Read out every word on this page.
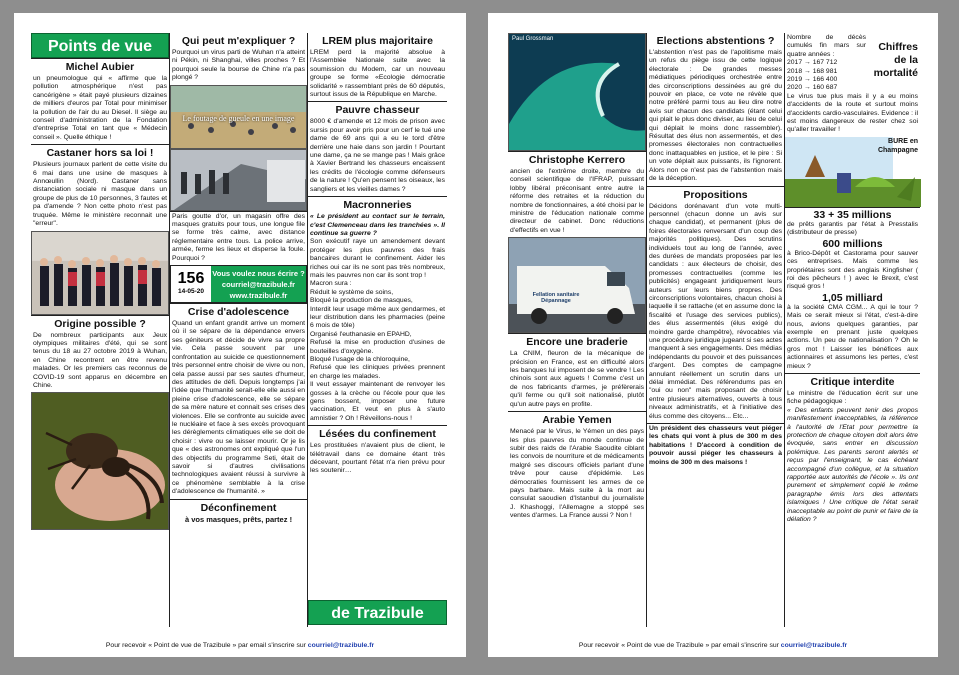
Points de vue
Michel Aubier

un pneumologue qui « affirme que la pollution atmosphérique n'est pas cancérigène » était payé plusieurs dizaines de milliers d'euros par Total pour minimiser la pollution de l'air du au Diesel. Il siège au conseil d'administration de la Fondation d'entreprise Total en tant que « Médecin conseil ». Quelle éthique !

Castaner hors sa loi !

Plusieurs journaux parlent de cette visite du 6 mai dans une usine de masques à Annœullin (Nord). Castaner sans distanciation sociale ni masque dans un groupe de plus de 10 personnes, 3 fautes et pa d'amende ? Non cette photo n'est pas truquée. Même le ministère reconnait une "erreur".

Origine possible ?

De nombreux participants aux Jeux olympiques militaires d'été, qui se sont tenus du 18 au 27 octobre 2019 à Wuhan, en Chine recontrent en être revenu malades. Or les premiers cas reconnus de COVID-19 sont apparus en décembre en Chine.

Qui peut m'expliquer ?

Pourquoi un virus parti de Wuhan n'a atteint ni Pékin, ni Shanghai, villes proches ? Et pourquoi seule la bourse de Chine n'a pas plongé ?

Le foutage de gueule en une image

Paris goutte d'or, un magasin offre des masques gratuits pour tous, une longue file se forme très calme, avec distance réglementaire entre tous. La police arrive, armée, ferme les lieux et disperse la foule. Pourquoi ?

156
14-05-20
Vous voulez nous écrire ?
courriel@trazibule.fr
www.trazibule.fr
Crise d'adolescence

Quand un enfant grandit arrive un moment où il se sépare de la dépendance envers ses géniteurs et décide de vivre sa propre vie. Cela passe souvent par une confrontation au suicide ce questionnement très personnel entre choisir de vivre ou non, cela passe aussi par ses sautes d'humeur, des attitudes de défi. Depuis longtemps j'ai l'idée que l'humanité serait-elle elle aussi en pleine crise d'adolescence, elle se sépare de sa mère nature et connait ses crises des violences. Elle se confronte au suicide avec le nucléaire et face à ses excès provoquant les dérèglements climatiques elle se doit de choisir : vivre ou se laisser mourir. Or je lis que « des astronomes ont expliqué que l'un des objectifs du programme Seti, était de savoir si d'autres civilisations technologiques avaient réussi à survivre à ce phénomène semblable à la crise d'adolescence de l'humanité. »

Déconfinement

à vos masques, prêts, partez !

LREM plus majoritaire

LREM perd la majorité absolue à l'Assemblée Nationale suite avec la soumission du Modem, car un nouveau groupe se forme «Ecologie démocratie solidarité » rassemblant près de 60 députés, surtout issus de la République en Marche.

Pauvre chasseur

8000 € d'amende et 12 mois de prison avec sursis pour avoir pris pour un cerf le tué une dame de 69 ans qui a eu le tord d'être derrière une haie dans son jardin ! Pourtant une dame, ça ne se mange pas ! Mais grâce à Xavier Bertrand les chasseurs encaissent les crédits de l'écologie comme défenseurs de la nature ! Qu'en pensent les oiseaux, les sangliers et les vieilles dames ?

Macronneries

« Le président au contact sur le terrain, c'est Clemenceau dans les tranchées ». Il continue sa guerre ?

Son exécutif raye un amendement devant protéger les plus pauvres des frais bancaires durant le confinement. Aider les riches oui car ils ne sont pas très nombreux, mais les pauvres non car ils sont trop !

Macron sura :

Réduit le système de soins,
Bloqué la production de masques,
Interdit leur usage même aux gendarmes, et leur distribution dans les pharmacies (peine 6 mois de tôle)
Organisé l'euthanasie en EPAHD,
Refusé la mise en production d'usines de bouteilles d'oxygène.
Bloqué l'usage de la chloroquine,
Refusé que les cliniques privées prennent en charge les malades.

Il veut essayer maintenant de renvoyer les gosses à la crèche ou l'école pour que les gens bossent, imposer une future vaccination, Et veut en plus à s'auto amnistier ? Oh ! Réveillons-nous !

Lésées du confinement

Les prostituées n'avaient plus de client, le télétravail dans ce domaine étant très décevant, pourtant l'état n'a rien prévu pour les soutenir…

de Trazibule
Pour recevoir « Point de vue de Trazibule » par email s'inscrire sur courriel@trazibule.fr
Paul Grossman
Christophe Kerrero

ancien de l'extrême droite, membre du conseil scientifique de l'IFRAP, puissant lobby libéral préconisant entre autre la réforme des retraites et la réduction du nombre de fonctionnaires, a été choisi par le ministre de l'éducation nationale comme directeur de cabinet. Donc réductions d'effectifs en vue !

Fellation sanitaire Dépannage
Encore une braderie

La CNIM, fleuron de la mécanique de précision en France, est en difficulté alors les banques lui imposent de se vendre ! Les chinois sont aux aguets ! Comme c'est un de nos fabricants d'armes, je préfèrerais qu'il ferme ou qu'il soit nationalisé, plutôt qu'un autre pays en profite.

Arabie Yemen

Menacé par le Virus, le Yémen un des pays les plus pauvres du monde continue de subir des raids de l'Arabie Saoudite ciblant les convois de nourriture et de médicaments malgré ses discours officiels parlant d'une trêve pour cause d'épidémie. Les démocraties fournissent les armes de ce pays barbare. Mais suite à la mort au consulat saoudien d'Istanbul du journaliste J. Khashoggi, l'Allemagne a stoppé ses ventes d'armes. La France aussi ? Non !

Elections abstentions ?

L'abstention n'est pas de l'apolitisme mais un refus du piège issu de cette logique électorale : De grandes messes médiatiques périodiques orchestrée entre des circonscriptions dessinées au gré du pouvoir en place, ce vote ne révèle que notre préféré parmi tous au lieu dire notre avis sur chacun des candidats (étant celui qui plait le plus donc diviser, au lieu de celui qui déplait le moins donc rassembler). Résultat des élus non assermentés, et des promesses électorales non contractuelles donc inattaquables en justice, et le pire : Si un vote déplait aux puissants, ils l'ignorent. Alors non ce n'est pas de l'abstention mais de la déception.

Propositions

Décidons dorénavant d'un vote multi-personnel (chacun donne un avis sur chaque candidat), et permanent (plus de foires électorales renversant d'un coup des majorités politiques). Des scrutins individuels tout au long de l'année, avec des durées de mandats proposées par les candidats : aux électeurs de choisir, des promesses contractuelles (comme les publicités) engageant juridiquement leurs auteurs sur leurs biens propres. Des circonscriptions volontaires, chacun choisi à laquelle il se rattache (et en assume donc la fiscalité et l'usage des services publics), des élus assermentés (élus exigé du moindre garde champêtre), révocables via une procédure juridique jugeant si ses actes manquent à ses engagements. Des médias indépendants du pouvoir et des puissances d'argent. Des comptes de campagne annulant réellement un scrutin dans un délai immédiat. Des référendums pas en "oui ou non" mais proposant de choisir entre plusieurs alternatives, ouverts à tous niveaux administratifs, et à l'initiative des élus comme des citoyens... Etc...

Un président des chasseurs veut piéger les chats qui vont à plus de 300 m des habitations ! D'accord à condition de pouvoir aussi piéger les chasseurs à moins de 300 m des maisons !

Nombre de décès cumulés fin mars sur quatre années :

2017 → 167 712

2018 → 168 981

2019 → 166 400

2020 → 160 687

Chiffres de la mortalité

Le virus tue plus mais il y a eu moins d'accidents de la route et surtout moins d'accidents cardio-vasculaires. Evidence : il est moins dangereux de rester chez soi qu'aller travailler !

BURE en Champagne

33 + 35 millions

de prêts garantis par l'état à Presstalis (distributeur de presse)

600 millions

à Brico-Dépôt et Castorama pour sauver ces entreprises. Mais comme les propriétaires sont des anglais Kingfisher ( roi des pêcheurs ! ) avec le Brexit, c'est risqué gros !

1,05 milliard

à la société CMA CGM... A qui le tour ? Mais ce serait mieux si l'état, c'est-à-dire nous, avions quelques garanties, par exemple en prenant juste quelques actions. Un peu de nationalisation ? Oh le gros mot ! Laisser les bénéfices aux actionnaires et assumons les pertes, c'est mieux ?

Critique interdite

Le ministre de l'éducation écrit sur une fiche pédagogique :

« Des enfants peuvent tenir des propos manifestement inacceptables, la référence à l'autorité de l'Etat pour permettre la protection de chaque citoyen doit alors être évoquée, sans entrer en discussion polémique. Les parents seront alertés et reçus par l'enseignant, le cas échéant accompagné d'un collègue, et la situation rapportée aux autorités de l'école ». Ils ont purement et simplement copié le même paragraphe émis lors des attentats islamiques ! Une critique de l'état serait inacceptable au point de punir et faire de la délation ?

Pour recevoir « Point de vue de Trazibule » par email s'inscrire sur courriel@trazibule.fr
